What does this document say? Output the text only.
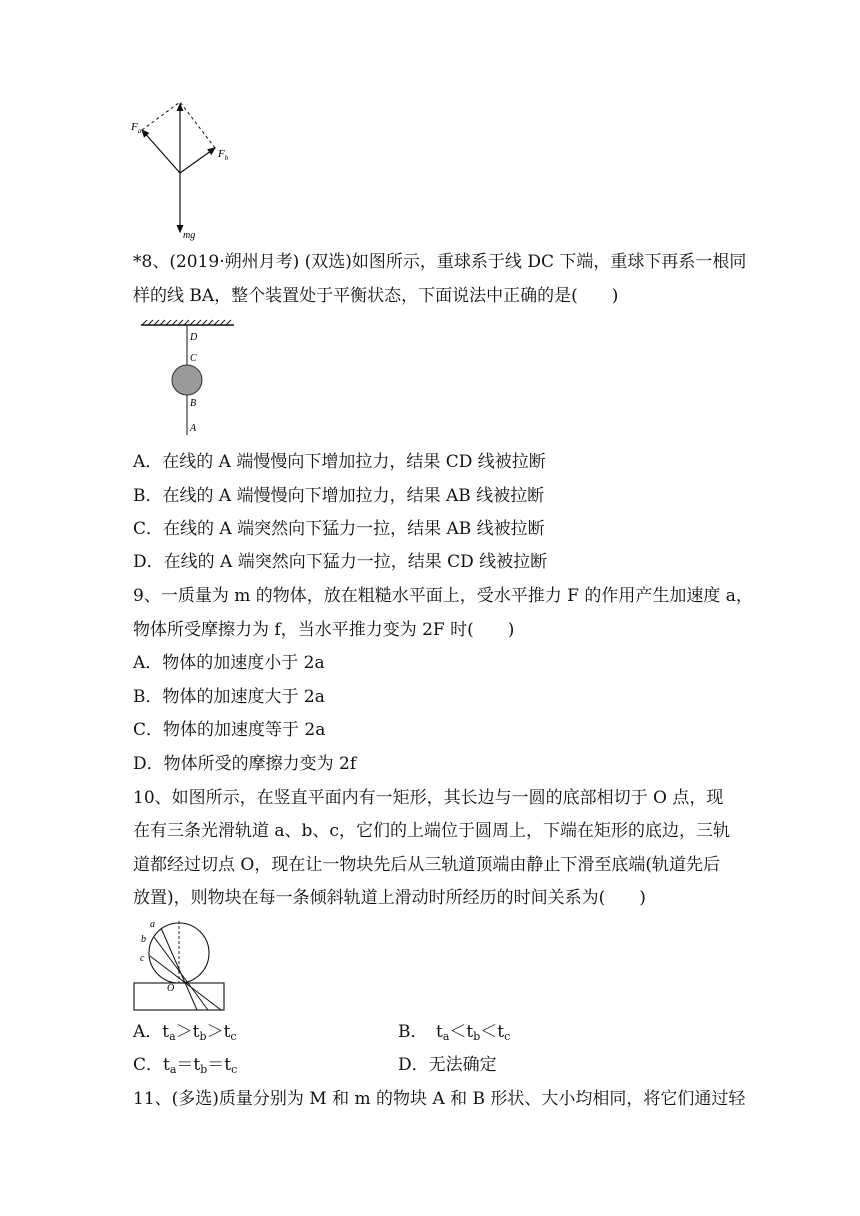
$F_a$
$F_b$
mg
*8、(2019·朔州月考) (双选)如图所示，重球系于线 DC 下端，重球下再系一根同
样的线 BA，整个装置处于平衡状态，下面说法中正确的是(　　)
D
C
B
A
A．在线的 A 端慢慢向下增加拉力，结果 CD 线被拉断
B．在线的 A 端慢慢向下增加拉力，结果 AB 线被拉断
C．在线的 A 端突然向下猛力一拉，结果 AB 线被拉断
D．在线的 A 端突然向下猛力一拉，结果 CD 线被拉断
9、一质量为 m 的物体，放在粗糙水平面上，受水平推力 F 的作用产生加速度 a，
物体所受摩擦力为 f，当水平推力变为 2F 时(　　)
A．物体的加速度小于 2a
B．物体的加速度大于 2a
C．物体的加速度等于 2a
D．物体所受的摩擦力变为 2f
10、如图所示，在竖直平面内有一矩形，其长边与一圆的底部相切于 O 点，现
在有三条光滑轨道 a、b、c，它们的上端位于圆周上，下端在矩形的底边，三轨
道都经过切点 O，现在让一物块先后从三轨道顶端由静止下滑至底端(轨道先后
放置)，则物块在每一条倾斜轨道上滑动时所经历的时间关系为(　　)
a
b
c
O
A．$t_a>t_b>t_c$	B．　$t_a<t_b<t_c$
C．$t_a=t_b=t_c$	D．无法确定
11、(多选)质量分别为 M 和 m 的物块 A 和 B 形状、大小均相同，将它们通过轻
